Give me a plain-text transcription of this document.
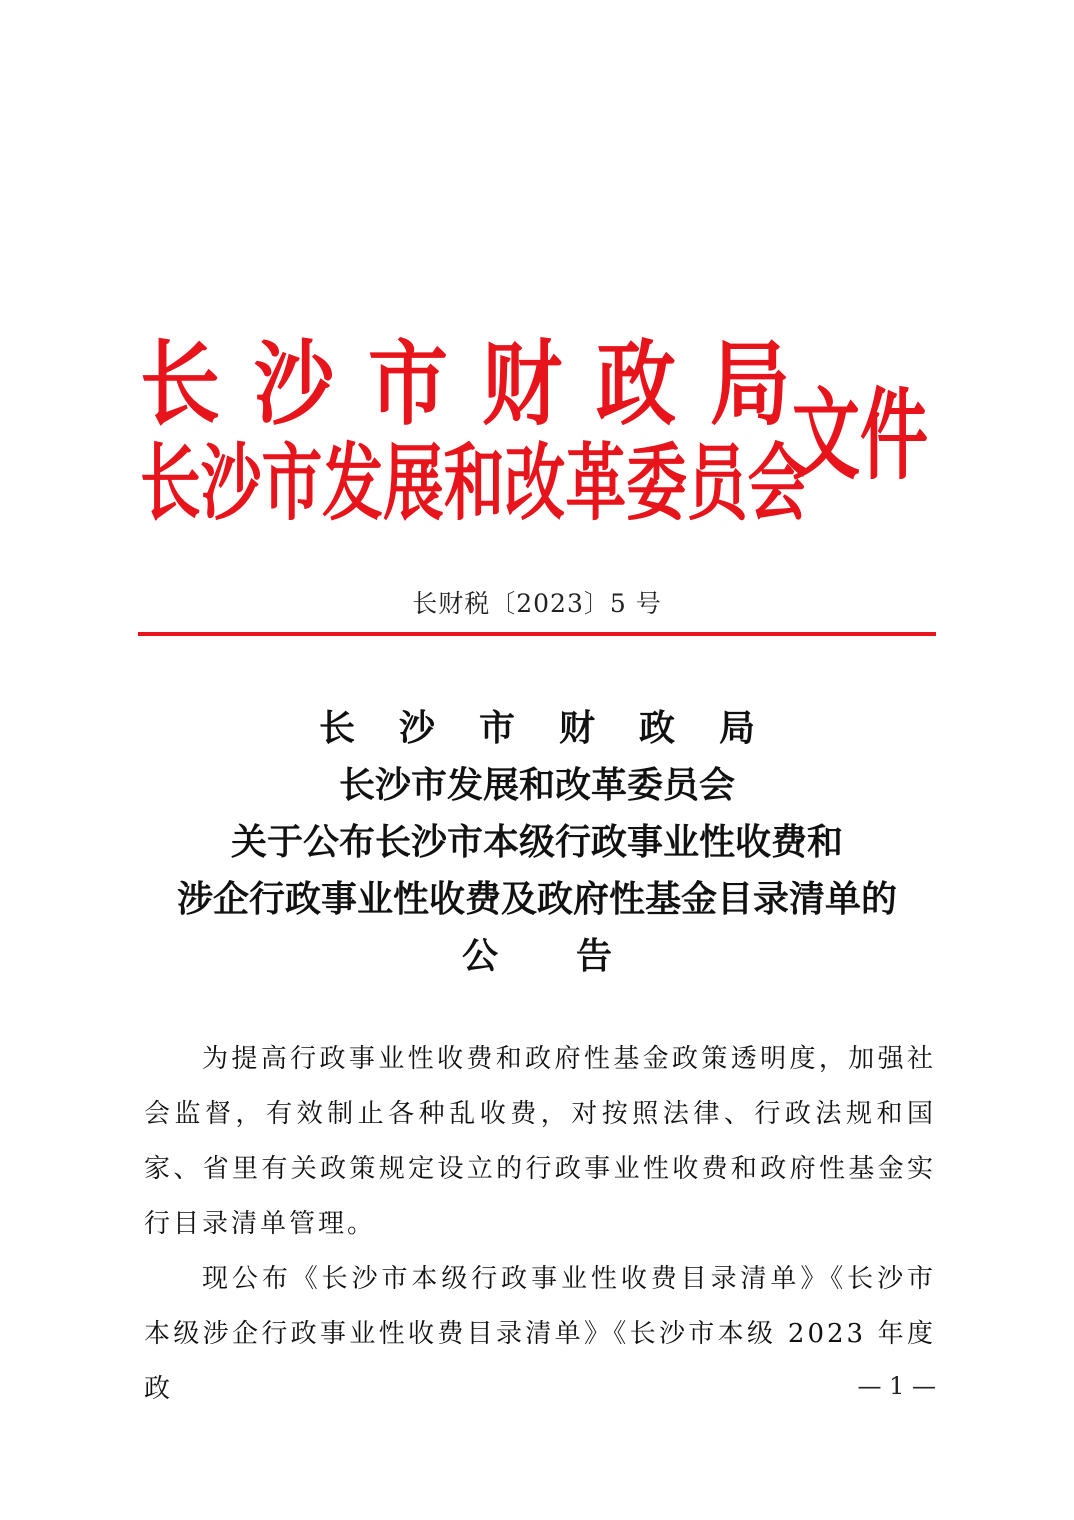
长沙市财政局
长沙市发展和改革委员会
文件
长财税〔2023〕5 号
长沙市财政局
长沙市发展和改革委员会
关于公布长沙市本级行政事业性收费和
涉企行政事业性收费及政府性基金目录清单的
公告

为提高行政事业性收费和政府性基金政策透明度，加强社会监督，有效制止各种乱收费，对按照法律、行政法规和国家、省里有关政策规定设立的行政事业性收费和政府性基金实行目录清单管理。

现公布《长沙市本级行政事业性收费目录清单》《长沙市本级涉企行政事业性收费目录清单》《长沙市本级 2023 年度政	— 1 —
